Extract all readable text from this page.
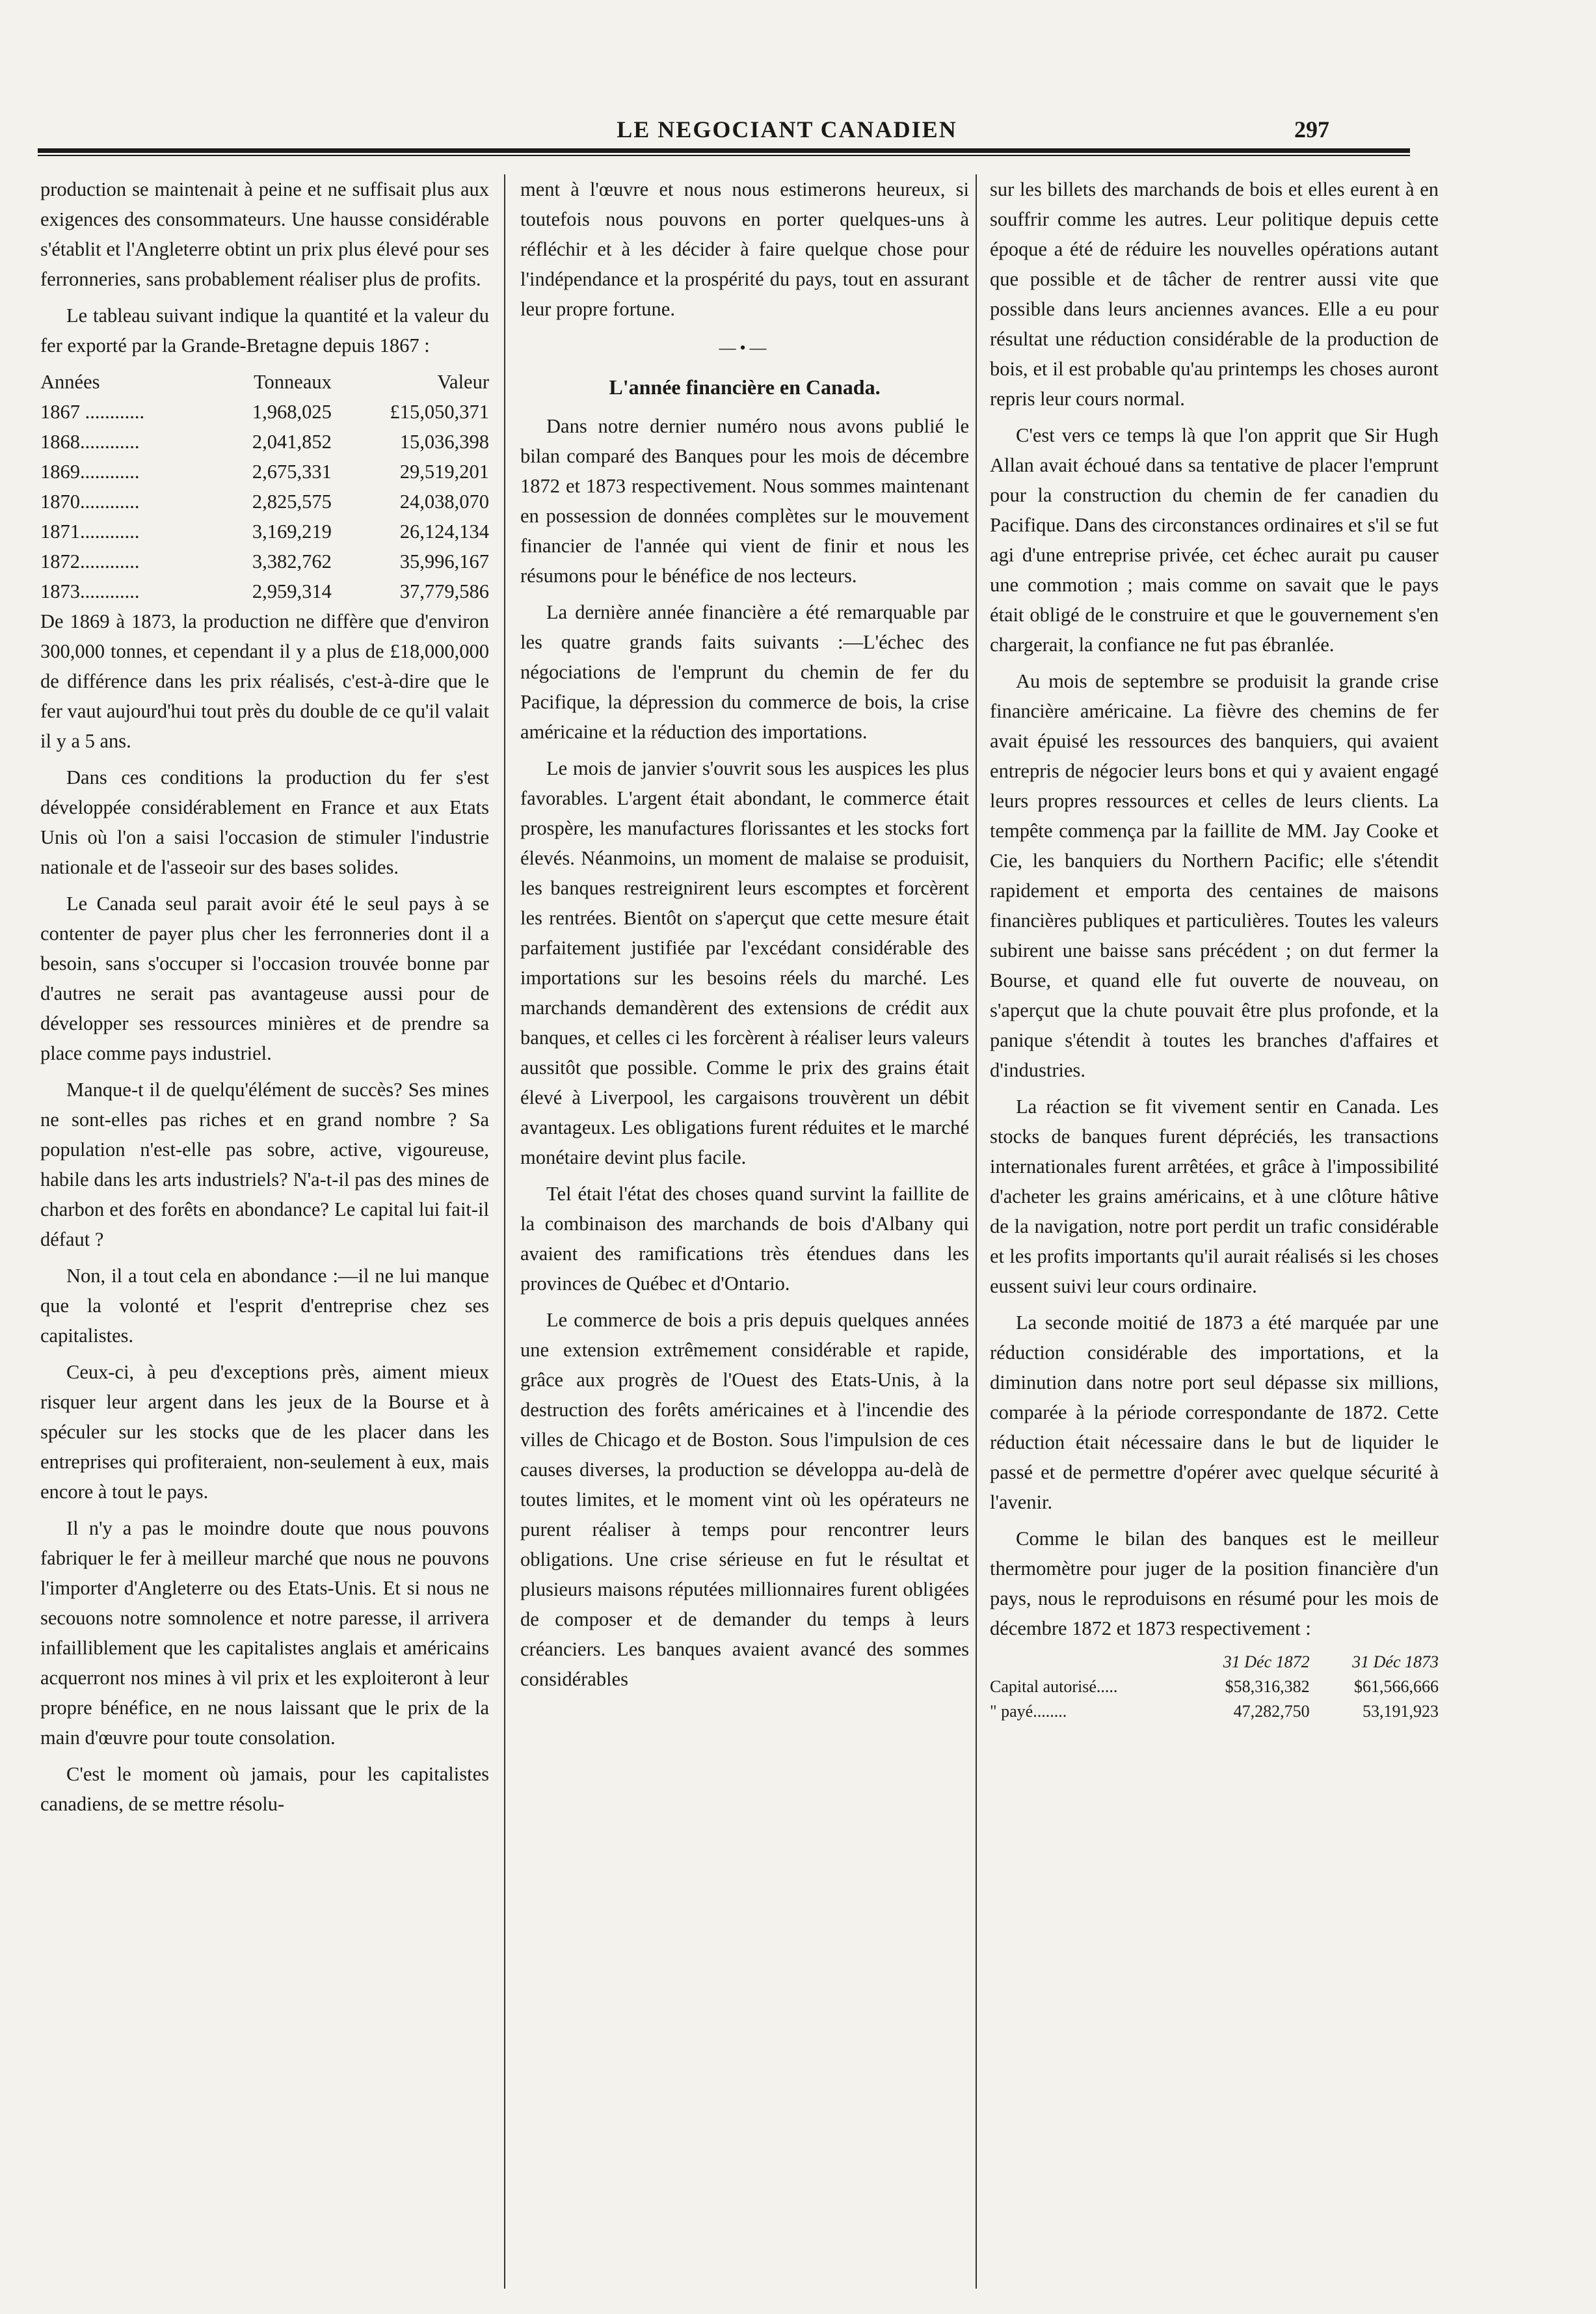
LE NEGOCIANT CANADIEN	297

production se maintenait à peine et ne suffisait plus aux exigences des consommateurs. Une hausse considérable s'établit et l'Angleterre obtint un prix plus élevé pour ses ferronneries, sans probablement réaliser plus de profits.

Le tableau suivant indique la quantité et la valeur du fer exporté par la Grande-Bretagne depuis 1867 :

Années	Tonneaux	Valeur
1867 ............	1,968,025	£15,050,371
1868............	2,041,852	15,036,398
1869............	2,675,331	29,519,201
1870............	2,825,575	24,038,070
1871............	3,169,219	26,124,134
1872............	3,382,762	35,996,167
1873............	2,959,314	37,779,586

De 1869 à 1873, la production ne diffère que d'environ 300,000 tonnes, et cependant il y a plus de £18,000,000 de différence dans les prix réalisés, c'est-à-dire que le fer vaut aujourd'hui tout près du double de ce qu'il valait il y a 5 ans.

Dans ces conditions la production du fer s'est développée considérablement en France et aux Etats Unis où l'on a saisi l'occasion de stimuler l'industrie nationale et de l'asseoir sur des bases solides.

Le Canada seul parait avoir été le seul pays à se contenter de payer plus cher les ferronneries dont il a besoin, sans s'occuper si l'occasion trouvée bonne par d'autres ne serait pas avantageuse aussi pour de développer ses ressources minières et de prendre sa place comme pays industriel.

Manque-t il de quelqu'élément de succès? Ses mines ne sont-elles pas riches et en grand nombre ? Sa population n'est-elle pas sobre, active, vigoureuse, habile dans les arts industriels? N'a-t-il pas des mines de charbon et des forêts en abondance? Le capital lui fait-il défaut ?

Non, il a tout cela en abondance :—il ne lui manque que la volonté et l'esprit d'entreprise chez ses capitalistes.

Ceux-ci, à peu d'exceptions près, aiment mieux risquer leur argent dans les jeux de la Bourse et à spéculer sur les stocks que de les placer dans les entreprises qui profiteraient, non-seulement à eux, mais encore à tout le pays.

Il n'y a pas le moindre doute que nous pouvons fabriquer le fer à meilleur marché que nous ne pouvons l'importer d'Angleterre ou des Etats-Unis. Et si nous ne secouons notre somnolence et notre paresse, il arrivera infailliblement que les capitalistes anglais et américains acquerront nos mines à vil prix et les exploiteront à leur propre bénéfice, en ne nous laissant que le prix de la main d'œuvre pour toute consolation.

C'est le moment où jamais, pour les capitalistes canadiens, de se mettre résolu-

ment à l'œuvre et nous nous estimerons heureux, si toutefois nous pouvons en porter quelques-uns à réfléchir et à les décider à faire quelque chose pour l'indépendance et la prospérité du pays, tout en assurant leur propre fortune.

—•—
L'année financière en Canada.

Dans notre dernier numéro nous avons publié le bilan comparé des Banques pour les mois de décembre 1872 et 1873 respectivement. Nous sommes maintenant en possession de données complètes sur le mouvement financier de l'année qui vient de finir et nous les résumons pour le bénéfice de nos lecteurs.

La dernière année financière a été remarquable par les quatre grands faits suivants :—L'échec des négociations de l'emprunt du chemin de fer du Pacifique, la dépression du commerce de bois, la crise américaine et la réduction des importations.

Le mois de janvier s'ouvrit sous les auspices les plus favorables. L'argent était abondant, le commerce était prospère, les manufactures florissantes et les stocks fort élevés. Néanmoins, un moment de malaise se produisit, les banques restreignirent leurs escomptes et forcèrent les rentrées. Bientôt on s'aperçut que cette mesure était parfaitement justifiée par l'excédant considérable des importations sur les besoins réels du marché. Les marchands demandèrent des extensions de crédit aux banques, et celles ci les forcèrent à réaliser leurs valeurs aussitôt que possible. Comme le prix des grains était élevé à Liverpool, les cargaisons trouvèrent un débit avantageux. Les obligations furent réduites et le marché monétaire devint plus facile.

Tel était l'état des choses quand survint la faillite de la combinaison des marchands de bois d'Albany qui avaient des ramifications très étendues dans les provinces de Québec et d'Ontario.

Le commerce de bois a pris depuis quelques années une extension extrêmement considérable et rapide, grâce aux progrès de l'Ouest des Etats-Unis, à la destruction des forêts américaines et à l'incendie des villes de Chicago et de Boston. Sous l'impulsion de ces causes diverses, la production se développa au-delà de toutes limites, et le moment vint où les opérateurs ne purent réaliser à temps pour rencontrer leurs obligations. Une crise sérieuse en fut le résultat et plusieurs maisons réputées millionnaires furent obligées de composer et de demander du temps à leurs créanciers. Les banques avaient avancé des sommes considérables

sur les billets des marchands de bois et elles eurent à en souffrir comme les autres. Leur politique depuis cette époque a été de réduire les nouvelles opérations autant que possible et de tâcher de rentrer aussi vite que possible dans leurs anciennes avances. Elle a eu pour résultat une réduction considérable de la production de bois, et il est probable qu'au printemps les choses auront repris leur cours normal.

C'est vers ce temps là que l'on apprit que Sir Hugh Allan avait échoué dans sa tentative de placer l'emprunt pour la construction du chemin de fer canadien du Pacifique. Dans des circonstances ordinaires et s'il se fut agi d'une entreprise privée, cet échec aurait pu causer une commotion ; mais comme on savait que le pays était obligé de le construire et que le gouvernement s'en chargerait, la confiance ne fut pas ébranlée.

Au mois de septembre se produisit la grande crise financière américaine. La fièvre des chemins de fer avait épuisé les ressources des banquiers, qui avaient entrepris de négocier leurs bons et qui y avaient engagé leurs propres ressources et celles de leurs clients. La tempête commença par la faillite de MM. Jay Cooke et Cie, les banquiers du Northern Pacific; elle s'étendit rapidement et emporta des centaines de maisons financières publiques et particulières. Toutes les valeurs subirent une baisse sans précédent ; on dut fermer la Bourse, et quand elle fut ouverte de nouveau, on s'aperçut que la chute pouvait être plus profonde, et la panique s'étendit à toutes les branches d'affaires et d'industries.

La réaction se fit vivement sentir en Canada. Les stocks de banques furent dépréciés, les transactions internationales furent arrêtées, et grâce à l'impossibilité d'acheter les grains américains, et à une clôture hâtive de la navigation, notre port perdit un trafic considérable et les profits importants qu'il aurait réalisés si les choses eussent suivi leur cours ordinaire.

La seconde moitié de 1873 a été marquée par une réduction considérable des importations, et la diminution dans notre port seul dépasse six millions, comparée à la période correspondante de 1872. Cette réduction était nécessaire dans le but de liquider le passé et de permettre d'opérer avec quelque sécurité à l'avenir.

Comme le bilan des banques est le meilleur thermomètre pour juger de la position financière d'un pays, nous le reproduisons en résumé pour les mois de décembre 1872 et 1873 respectivement :

	31 Déc 1872	31 Déc 1873
Capital autorisé.....	$58,316,382	$61,566,666
" payé........	47,282,750	53,191,923
